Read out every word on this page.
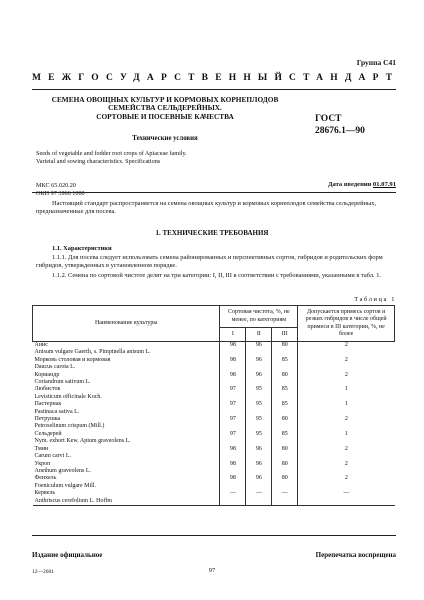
Группа С41
МЕЖГОСУДАРСТВЕННЫЙ СТАНДАРТ
СЕМЕНА ОВОЩНЫХ КУЛЬТУР И КОРМОВЫХ КОРНЕПЛОДОВ
СЕМЕЙСТВА СЕЛЬДЕРЕЙНЫХ.
СОРТОВЫЕ И ПОСЕВНЫЕ КАЧЕСТВА
Технические условия
ГОСТ
28676.1—90
Seeds of vegetable and fodder root crops of Apiaceae family.
Varietal and sowing characteristics. Specifications
МКС 65.020.20
ОКП 97 3966 1000
Дата введения 01.07.91
Настоящий стандарт распространяется на семена овощных культур и кормовых корнеплодов семейства сельдерейных, предназначенные для посева.
1. ТЕХНИЧЕСКИЕ ТРЕБОВАНИЯ
1.1. Характеристики
1.1.1. Для посева следует использовать семена районированных и перспективных сортов, гибридов и родительских форм гибридов, утвержденных в установленном порядке.
1.1.2. Семена по сортовой чистоте делят на три категории: I, II, III в соответствии с требованиями, указанными в табл. 1.
Таблица 1
Наименование культуры	Сортовая чистота, %, не менее, по категориям			Допускается примесь сортов и резких гибридов в числе общей примеси в III категории, %, не более
	I	II	III	
Анис	98	96	80	2
Anisum vulgare Gaerth, s. Pimpinella anisum L.				
Морковь столовая и кормовая	98	96	85	2
Daucus carota L.				
Кориандр	98	96	80	2
Coriandrum sativum L.				
Любисток	97	95	85	1
Levisticum officinale Koch.				
Пастернак	97	95	85	1
Pastinaca sativa L.				
Петрушка	97	95	80	2
Petroselinum crispum (Mill.)				
Сельдерей	97	95	85	1
Nym. exhort Kew. Apium graveolens L.				
Тмин	98	96	80	2
Carum carvi L.				
Укроп	98	96	80	2
Anethum graveolens L.				
Фенхель	98	96	80	2
Foeniculum vulgare Mill.				
Кервель	—	—	—	—
Anthriscus cerefolium L. Hoffm				
Издание официальное	Перепечатка воспрещена
12—2601	97
